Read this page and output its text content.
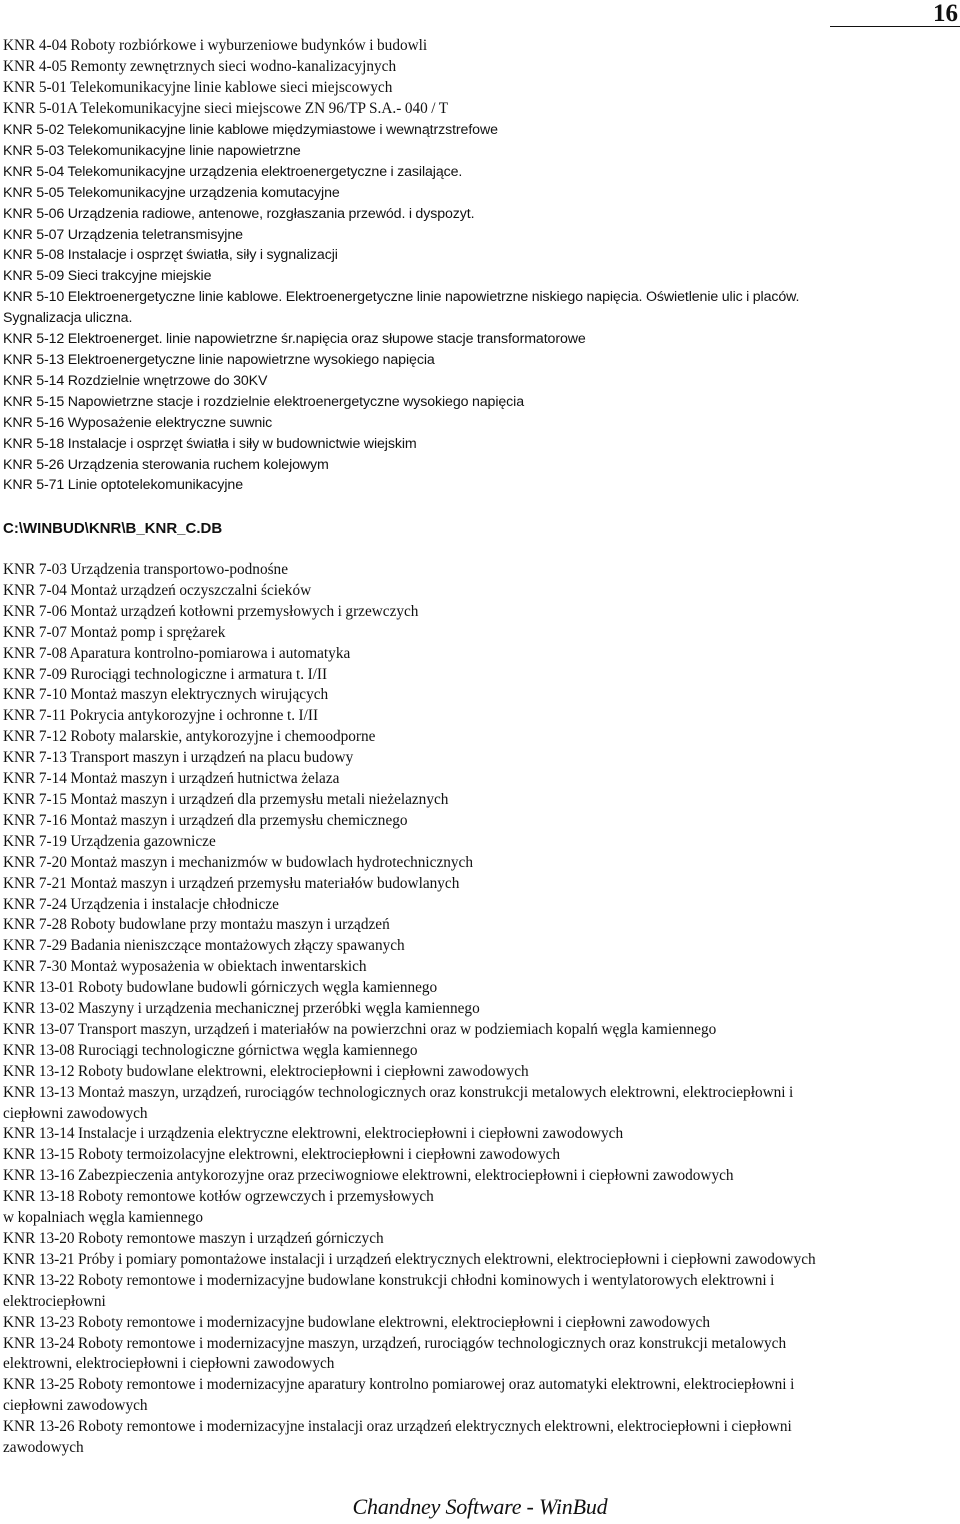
16
KNR 4-04 Roboty rozbiórkowe i wyburzeniowe budynków i budowli
KNR 4-05 Remonty zewnętrznych sieci wodno-kanalizacyjnych
KNR 5-01 Telekomunikacyjne linie kablowe sieci miejscowych
KNR 5-01A Telekomunikacyjne sieci miejscowe ZN 96/TP S.A.- 040 / T
KNR 5-02 Telekomunikacyjne linie kablowe międzymiastowe i wewnątrzstrefowe
KNR 5-03 Telekomunikacyjne linie napowietrzne
KNR 5-04 Telekomunikacyjne urządzenia elektroenergetyczne i zasilające.
KNR 5-05 Telekomunikacyjne urządzenia komutacyjne
KNR 5-06 Urządzenia radiowe, antenowe, rozgłaszania przewód. i dyspozyt.
KNR 5-07 Urządzenia teletransmisyjne
KNR 5-08 Instalacje i osprzęt światła, siły i sygnalizacji
KNR 5-09 Sieci trakcyjne miejskie
KNR 5-10 Elektroenergetyczne linie kablowe. Elektroenergetyczne linie napowietrzne niskiego napięcia. Oświetlenie ulic i placów.
Sygnalizacja uliczna.
KNR 5-12 Elektroenerget. linie napowietrzne śr.napięcia oraz słupowe stacje transformatorowe
KNR 5-13 Elektroenergetyczne linie napowietrzne wysokiego napięcia
KNR 5-14 Rozdzielnie wnętrzowe do 30KV
KNR 5-15 Napowietrzne stacje i rozdzielnie elektroenergetyczne wysokiego napięcia
KNR 5-16 Wyposażenie elektryczne suwnic
KNR 5-18 Instalacje i osprzęt światła i siły w budownictwie wiejskim
KNR 5-26 Urządzenia sterowania ruchem kolejowym
KNR 5-71 Linie optotelekomunikacyjne
C:\WINBUD\KNR\B_KNR_C.DB
KNR 7-03 Urządzenia transportowo-podnośne
KNR 7-04 Montaż urządzeń oczyszczalni ścieków
KNR 7-06 Montaż urządzeń kotłowni przemysłowych i grzewczych
KNR 7-07 Montaż pomp i sprężarek
KNR 7-08 Aparatura kontrolno-pomiarowa i automatyka
KNR 7-09 Rurociągi technologiczne i armatura t. I/II
KNR 7-10 Montaż maszyn elektrycznych wirujących
KNR 7-11 Pokrycia antykorozyjne i ochronne t. I/II
KNR 7-12 Roboty malarskie, antykorozyjne i chemoodporne
KNR 7-13 Transport maszyn i urządzeń na placu budowy
KNR 7-14 Montaż maszyn i urządzeń hutnictwa żelaza
KNR 7-15 Montaż maszyn i urządzeń dla przemysłu metali nieżelaznych
KNR 7-16 Montaż maszyn i urządzeń dla przemysłu chemicznego
KNR 7-19 Urządzenia gazownicze
KNR 7-20 Montaż maszyn i mechanizmów w budowlach hydrotechnicznych
KNR 7-21 Montaż maszyn i urządzeń przemysłu materiałów budowlanych
KNR 7-24 Urządzenia i instalacje chłodnicze
KNR 7-28 Roboty budowlane przy montażu maszyn i urządzeń
KNR 7-29 Badania nieniszczące montażowych złączy spawanych
KNR 7-30 Montaż wyposażenia w obiektach inwentarskich
KNR 13-01 Roboty budowlane budowli górniczych węgla kamiennego
KNR 13-02 Maszyny i urządzenia mechanicznej przeróbki węgla kamiennego
KNR 13-07 Transport maszyn, urządzeń i materiałów na powierzchni oraz w podziemiach kopalń węgla kamiennego
KNR 13-08 Rurociągi technologiczne górnictwa węgla kamiennego
KNR 13-12 Roboty budowlane elektrowni, elektrociepłowni i ciepłowni zawodowych
KNR 13-13 Montaż maszyn, urządzeń, rurociągów technologicznych oraz konstrukcji metalowych elektrowni, elektrociepłowni i
ciepłowni zawodowych
KNR 13-14 Instalacje i urządzenia elektryczne elektrowni, elektrociepłowni i ciepłowni zawodowych
KNR 13-15 Roboty termoizolacyjne elektrowni, elektrociepłowni i ciepłowni zawodowych
KNR 13-16 Zabezpieczenia antykorozyjne oraz przeciwogniowe elektrowni, elektrociepłowni i ciepłowni zawodowych
KNR 13-18 Roboty remontowe kotłów ogrzewczych i przemysłowych
w kopalniach węgla kamiennego
KNR 13-20 Roboty remontowe maszyn i urządzeń górniczych
KNR 13-21 Próby i pomiary pomontażowe instalacji i urządzeń elektrycznych elektrowni, elektrociepłowni i ciepłowni zawodowych
KNR 13-22 Roboty remontowe i modernizacyjne budowlane konstrukcji chłodni kominowych i wentylatorowych elektrowni i
elektrociepłowni
KNR 13-23 Roboty remontowe i modernizacyjne budowlane elektrowni, elektrociepłowni i ciepłowni zawodowych
KNR 13-24 Roboty remontowe i modernizacyjne maszyn, urządzeń, rurociągów technologicznych oraz konstrukcji metalowych
elektrowni, elektrociepłowni i ciepłowni zawodowych
KNR 13-25 Roboty remontowe i modernizacyjne aparatury kontrolno pomiarowej oraz automatyki elektrowni, elektrociepłowni i
ciepłowni zawodowych
KNR 13-26 Roboty remontowe i modernizacyjne instalacji oraz urządzeń elektrycznych elektrowni, elektrociepłowni i ciepłowni
zawodowych
Chandney Software - WinBud
